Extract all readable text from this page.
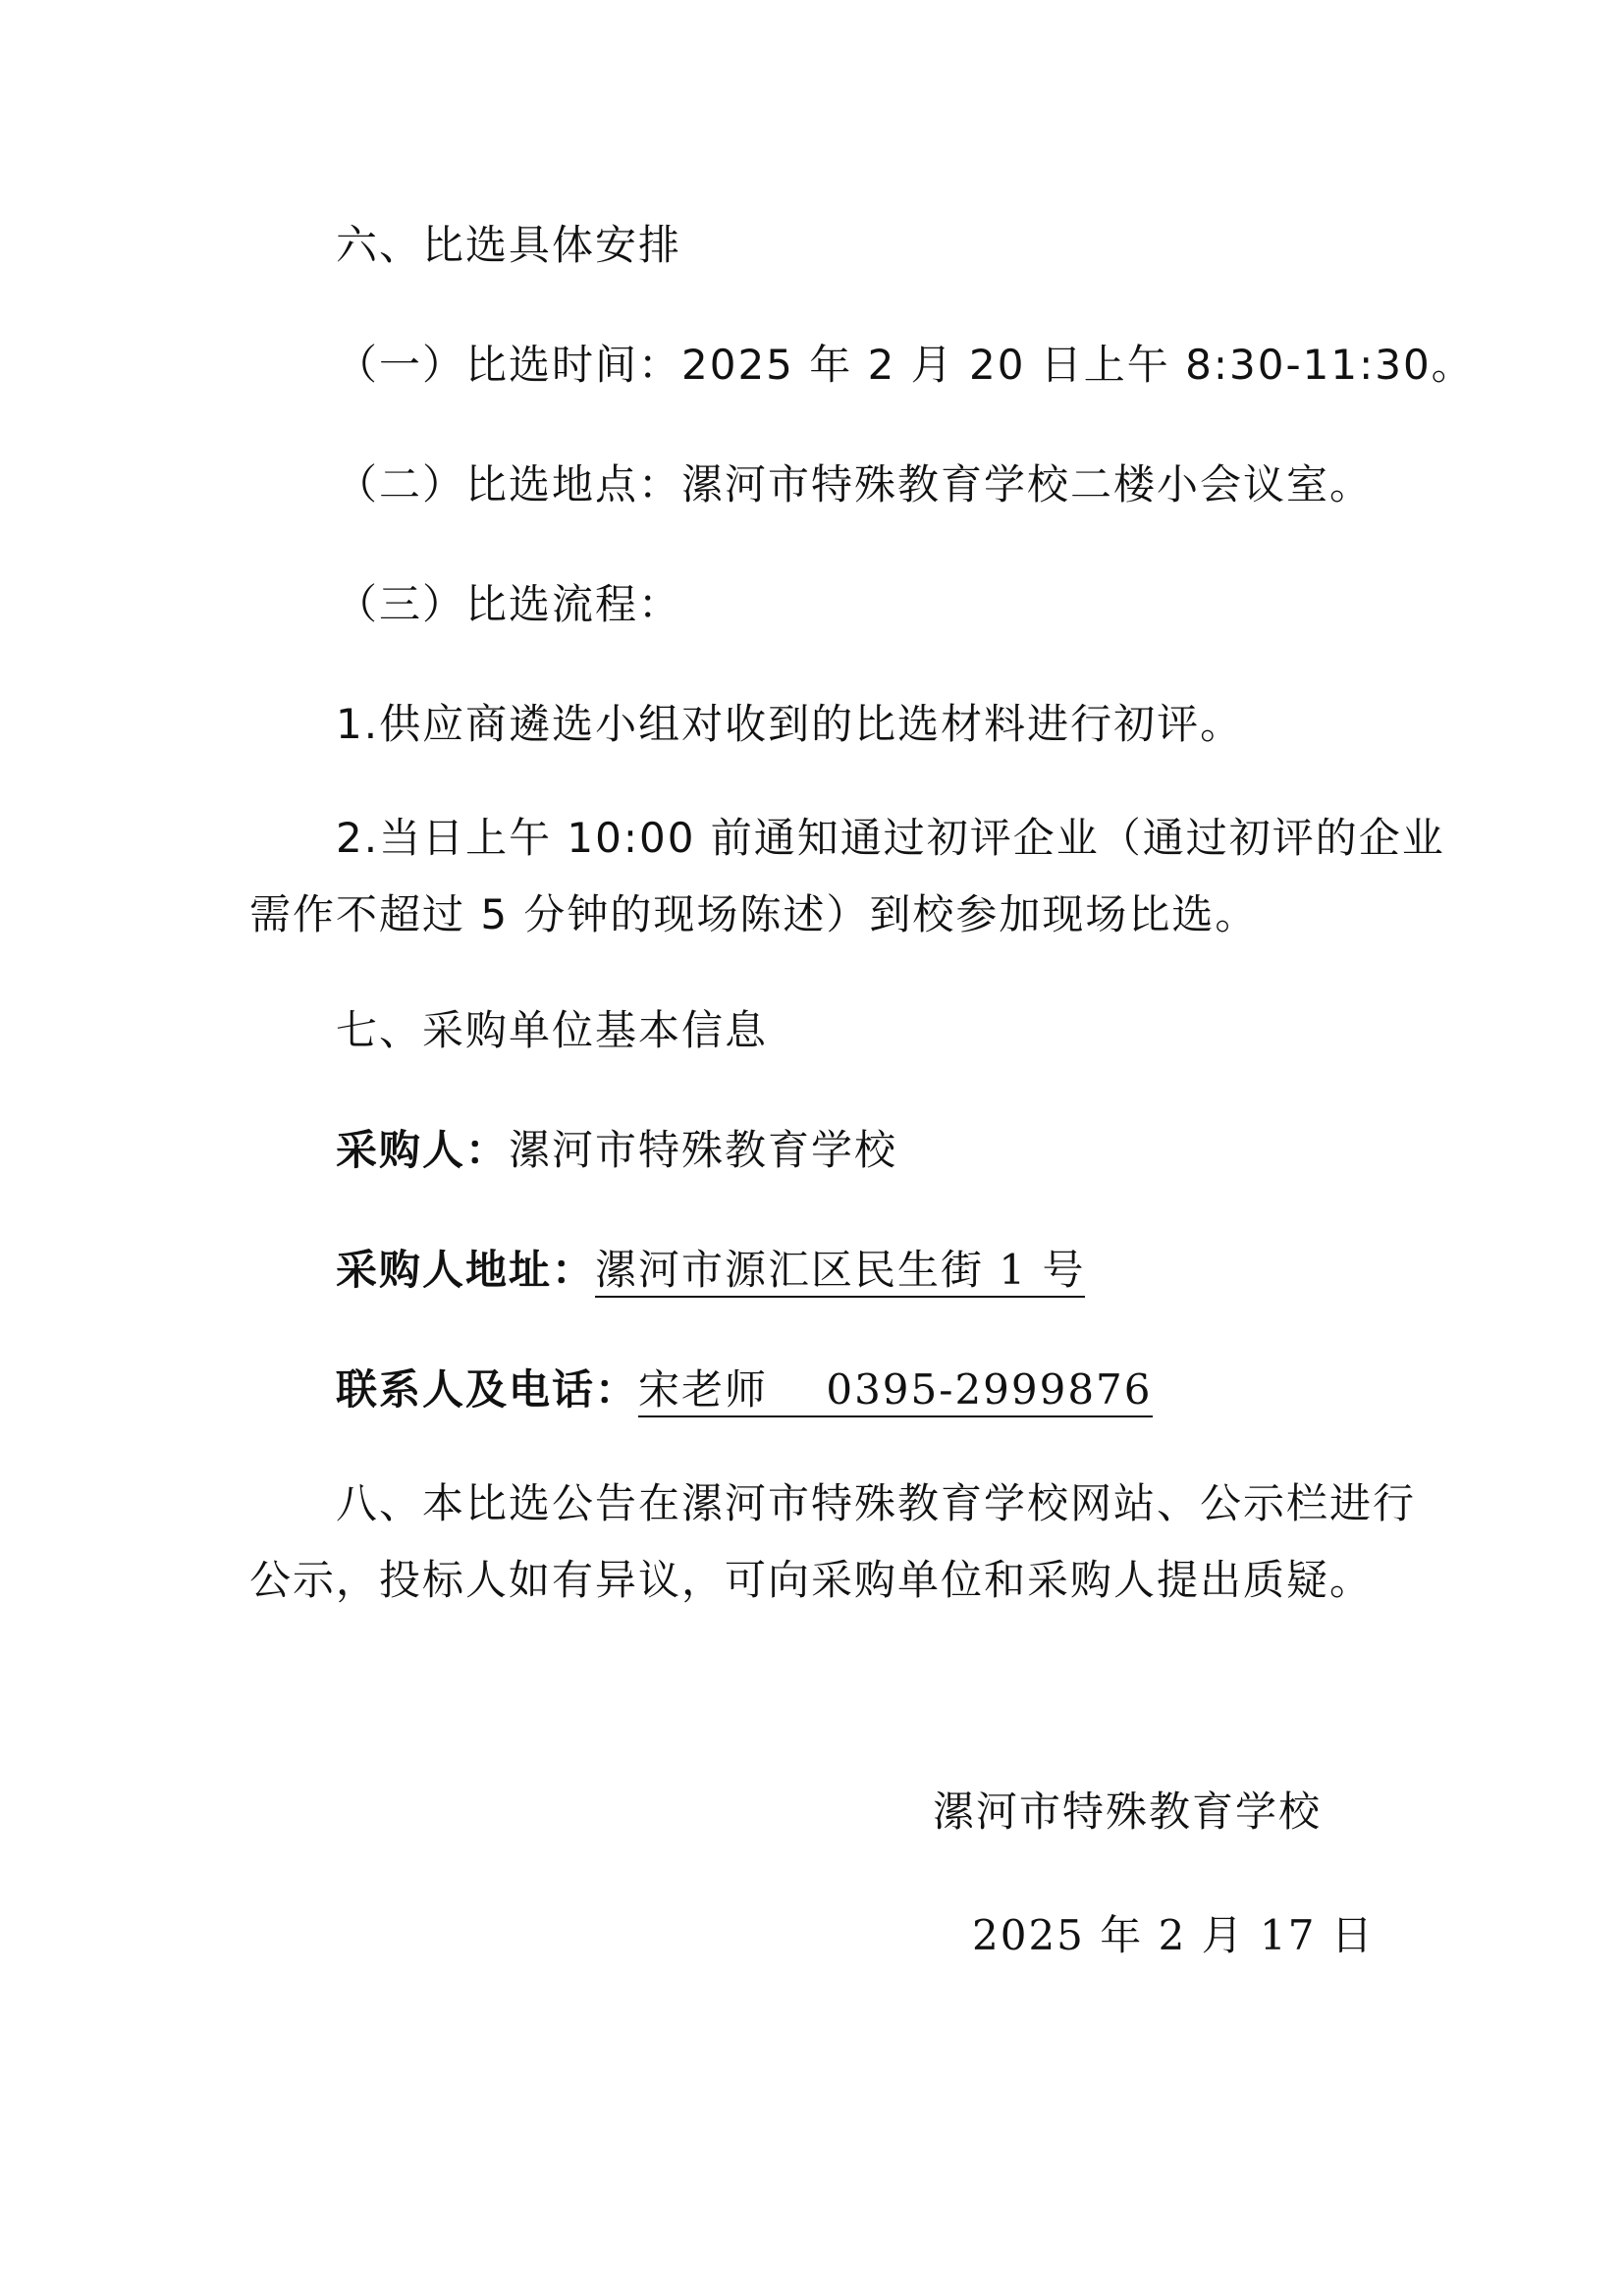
六、比选具体安排
（一）比选时间：2025 年 2 月 20 日上午 8:30-11:30。
（二）比选地点：漯河市特殊教育学校二楼小会议室。
（三）比选流程：
1.供应商遴选小组对收到的比选材料进行初评。
2.当日上午 10:00 前通知通过初评企业（通过初评的企业
需作不超过 5 分钟的现场陈述）到校参加现场比选。
七、采购单位基本信息
采购人：漯河市特殊教育学校
采购人地址：漯河市源汇区民生街 1 号
联系人及电话：宋老师　 0395-2999876
八、本比选公告在漯河市特殊教育学校网站、公示栏进行
公示，投标人如有异议，可向采购单位和采购人提出质疑。
漯河市特殊教育学校
2025 年 2 月 17 日
